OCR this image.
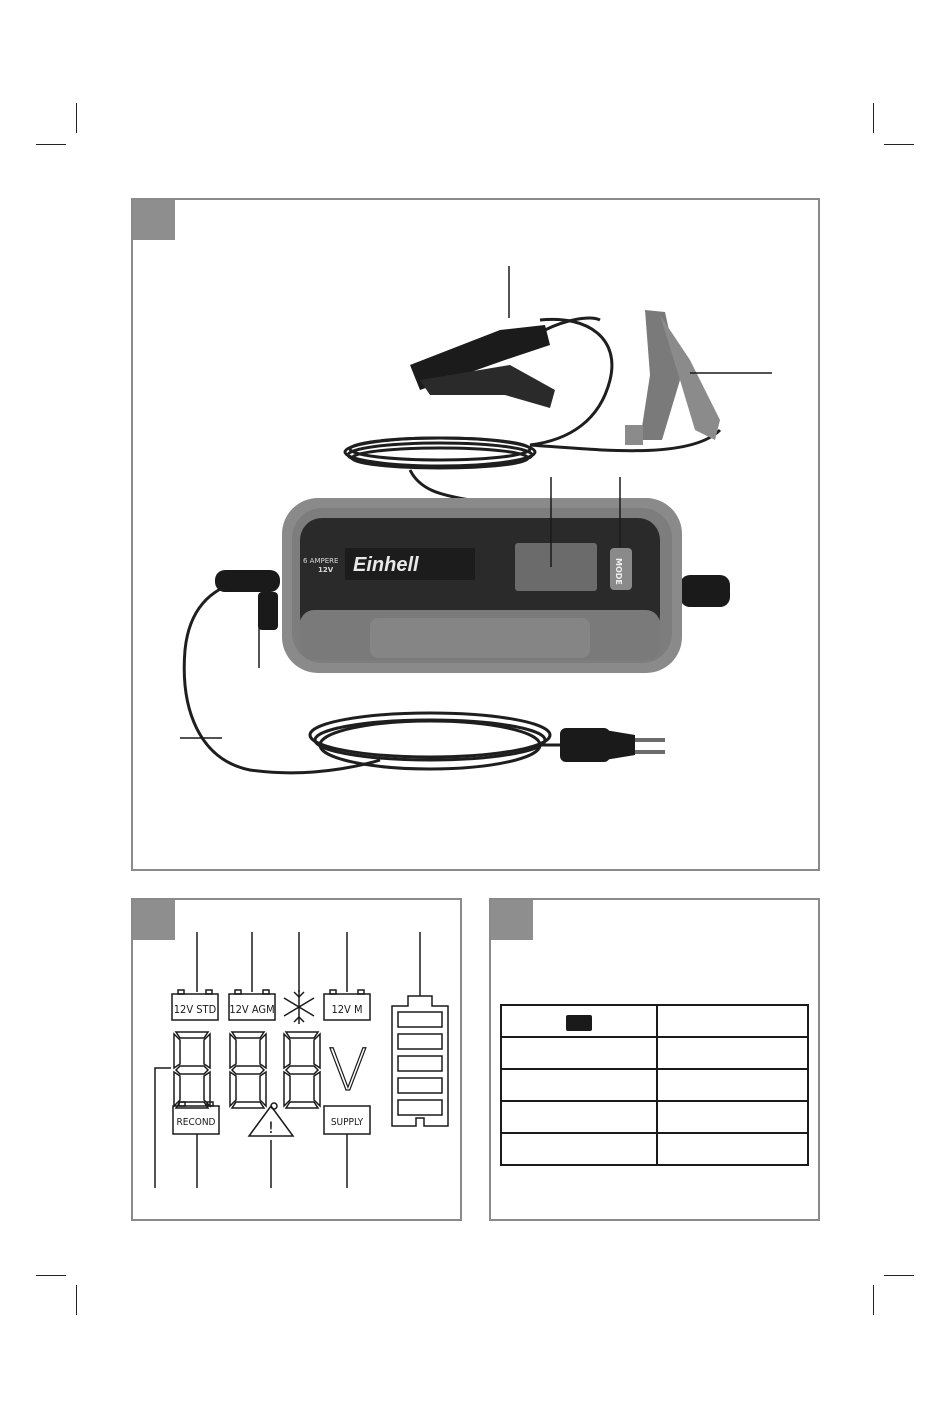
Einhell
6 AMPERE
12V	MODE
12V STD 12V AGM	12V M
RECOND	SUPPLY
V
!
